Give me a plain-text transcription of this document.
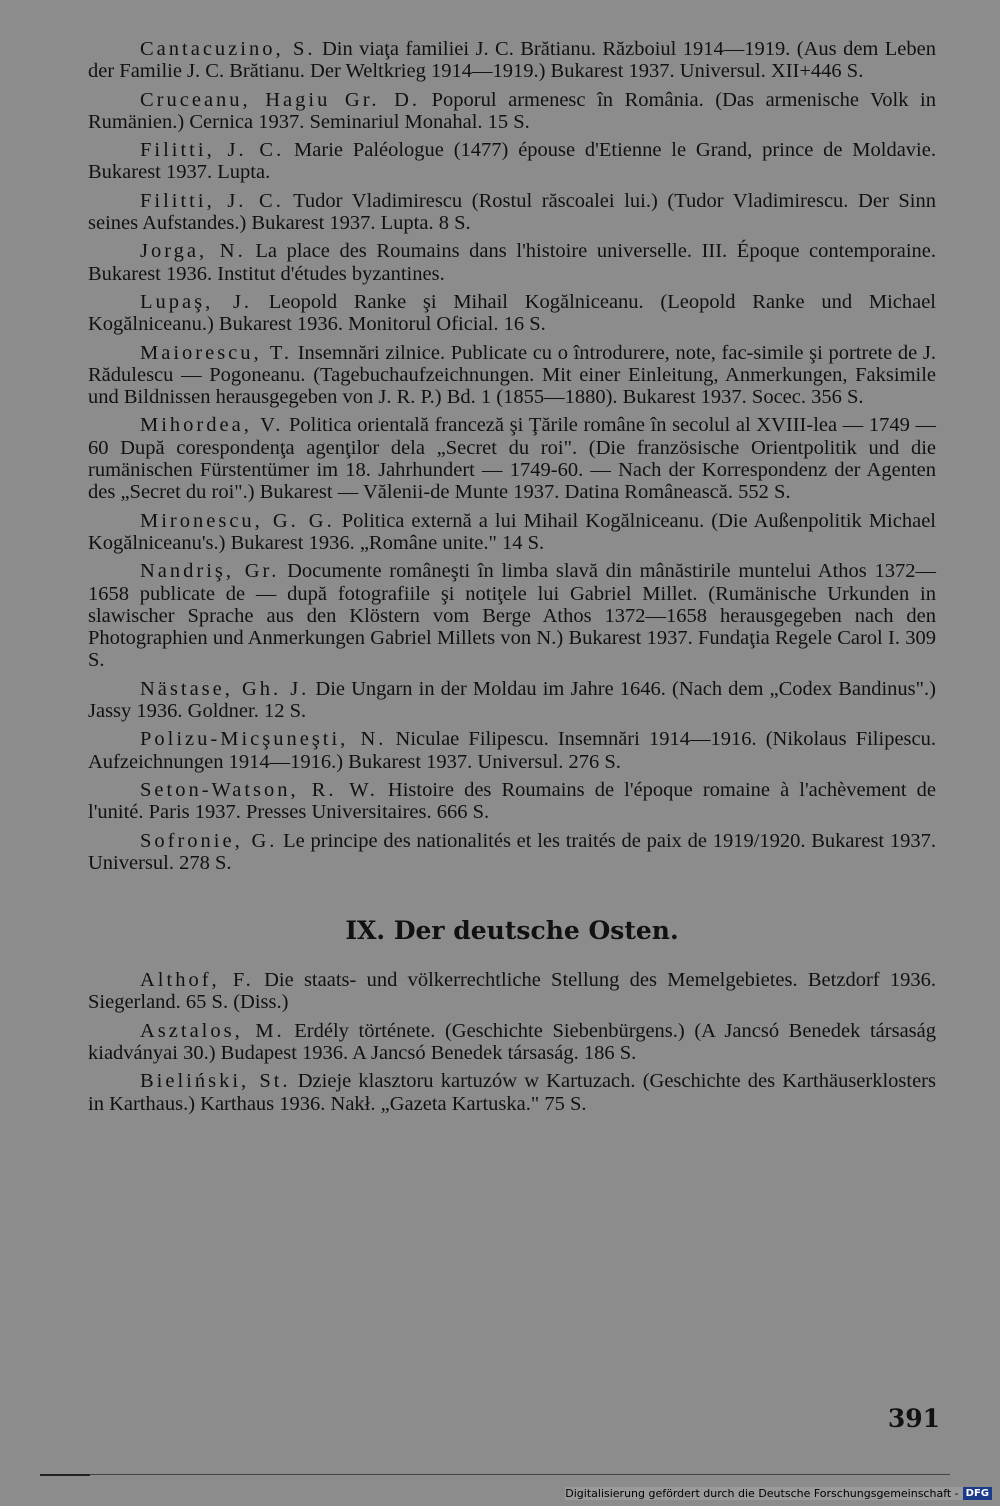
Cantacuzino, S. Din viaţa familiei J. C. Brătianu. Războiul 1914—1919. (Aus dem Leben der Familie J. C. Brătianu. Der Weltkrieg 1914—1919.) Bukarest 1937. Universul. XII+446 S.

Cruceanu, Hagiu Gr. D. Poporul armenesc în România. (Das armenische Volk in Rumänien.) Cernica 1937. Seminariul Monahal. 15 S.

Filitti, J. C. Marie Paléologue (1477) épouse d'Etienne le Grand, prince de Moldavie. Bukarest 1937. Lupta.

Filitti, J. C. Tudor Vladimirescu (Rostul răscoalei lui.) (Tudor Vladimirescu. Der Sinn seines Aufstandes.) Bukarest 1937. Lupta. 8 S.

Jorga, N. La place des Roumains dans l'histoire universelle. III. Époque contemporaine. Bukarest 1936. Institut d'études byzantines.

Lupaş, J. Leopold Ranke şi Mihail Kogălniceanu. (Leopold Ranke und Michael Kogălniceanu.) Bukarest 1936. Monitorul Oficial. 16 S.

Maiorescu, T. Insemnări zilnice. Publicate cu o întrodurere, note, fac-simile şi portrete de J. Rădulescu — Pogoneanu. (Tagebuchaufzeichnungen. Mit einer Einleitung, Anmerkungen, Faksimile und Bildnissen herausgegeben von J. R. P.) Bd. 1 (1855—1880). Bukarest 1937. Socec. 356 S.

Mihordea, V. Politica orientală franceză şi Ţările române în secolul al XVIII-lea — 1749 — 60 După corespondenţa agenţilor dela „Secret du roi". (Die französische Orientpolitik und die rumänischen Fürstentümer im 18. Jahrhundert — 1749-60. — Nach der Korrespondenz der Agenten des „Secret du roi".) Bukarest — Vălenii-de Munte 1937. Datina Românească. 552 S.

Mironescu, G. G. Politica externă a lui Mihail Kogălniceanu. (Die Außenpolitik Michael Kogălniceanu's.) Bukarest 1936. „Române unite." 14 S.

Nandriş, Gr. Documente româneşti în limba slavă din mânăstirile muntelui Athos 1372—1658 publicate de — după fotografiile şi notiţele lui Gabriel Millet. (Rumänische Urkunden in slawischer Sprache aus den Klöstern vom Berge Athos 1372—1658 herausgegeben nach den Photographien und Anmerkungen Gabriel Millets von N.) Bukarest 1937. Fundaţia Regele Carol I. 309 S.

Nästase, Gh. J. Die Ungarn in der Moldau im Jahre 1646. (Nach dem „Codex Bandinus".) Jassy 1936. Goldner. 12 S.

Polizu-Micşuneşti, N. Niculae Filipescu. Insemnări 1914—1916. (Nikolaus Filipescu. Aufzeichnungen 1914—1916.) Bukarest 1937. Universul. 276 S.

Seton-Watson, R. W. Histoire des Roumains de l'époque romaine à l'achèvement de l'unité. Paris 1937. Presses Universitaires. 666 S.

Sofronie, G. Le principe des nationalités et les traités de paix de 1919/1920. Bukarest 1937. Universul. 278 S.

IX. Der deutsche Osten.

Althof, F. Die staats- und völkerrechtliche Stellung des Memelgebietes. Betzdorf 1936. Siegerland. 65 S. (Diss.)

Asztalos, M. Erdély története. (Geschichte Siebenbürgens.) (A Jancsó Benedek társaság kiadványai 30.) Budapest 1936. A Jancsó Benedek társaság. 186 S.

Bieliński, St. Dzieje klasztoru kartuzów w Kartuzach. (Geschichte des Karthäuserklosters in Karthaus.) Karthaus 1936. Nakł. „Gazeta Kartuska." 75 S.

391
Digitalisierung gefördert durch die Deutsche Forschungsgemeinschaft - DFG
